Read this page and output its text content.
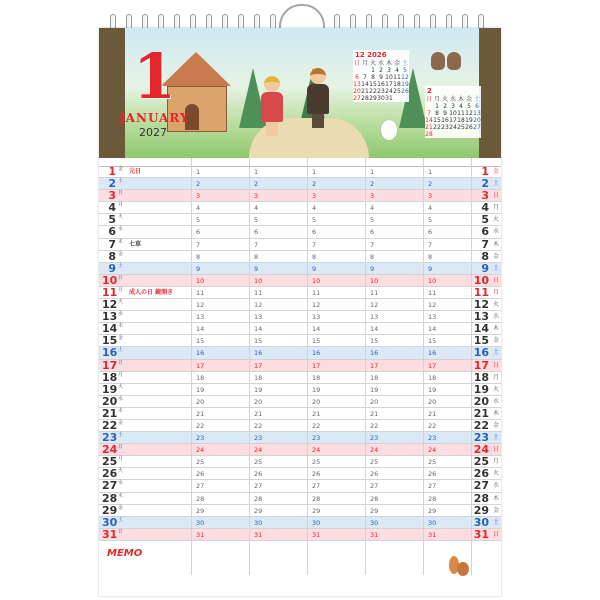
1
JANUARY
2027
12 2026
日	月	火	水	木	金	土
		1	2	3	4	5
6	7	8	9	10	11	12
13	14	15	16	17	18	19
20	21	22	23	24	25	26
27	28	29	30	31		
2
日	月	火	水	木	金	土
	1	2	3	4	5	6
7	8	9	10	11	12	13
14	15	16	17	18	19	20
21	22	23	24	25	26	27
28						
1 金 元日	1	1	1	1	1	1 金
2 土	2	2	2	2	2	2 土
3 日	3	3	3	3	3	3 日
4 月	4	4	4	4	4	4 月
5 火	5	5	5	5	5	5 火
6 水	6	6	6	6	6	6 水
7 木 七草	7	7	7	7	7	7 木
8 金	8	8	8	8	8	8 金
9 土	9	9	9	9	9	9 土
10 日	10	10	10	10	10	10 日
11 月 成人の日 鏡開き	11	11	11	11	11	11 月
12 火	12	12	12	12	12	12 火
13 水	13	13	13	13	13	13 水
14 木	14	14	14	14	14	14 木
15 金	15	15	15	15	15	15 金
16 土	16	16	16	16	16	16 土
17 日	17	17	17	17	17	17 日
18 月	18	18	18	18	18	18 月
19 火	19	19	19	19	19	19 火
20 水	20	20	20	20	20	20 水
21 木	21	21	21	21	21	21 木
22 金	22	22	22	22	22	22 金
23 土	23	23	23	23	23	23 土
24 日	24	24	24	24	24	24 日
25 月	25	25	25	25	25	25 月
26 火	26	26	26	26	26	26 火
27 水	27	27	27	27	27	27 水
28 木	28	28	28	28	28	28 木
29 金	29	29	29	29	29	29 金
30 土	30	30	30	30	30	30 土
31 日	31	31	31	31	31	31 日
MEMO
